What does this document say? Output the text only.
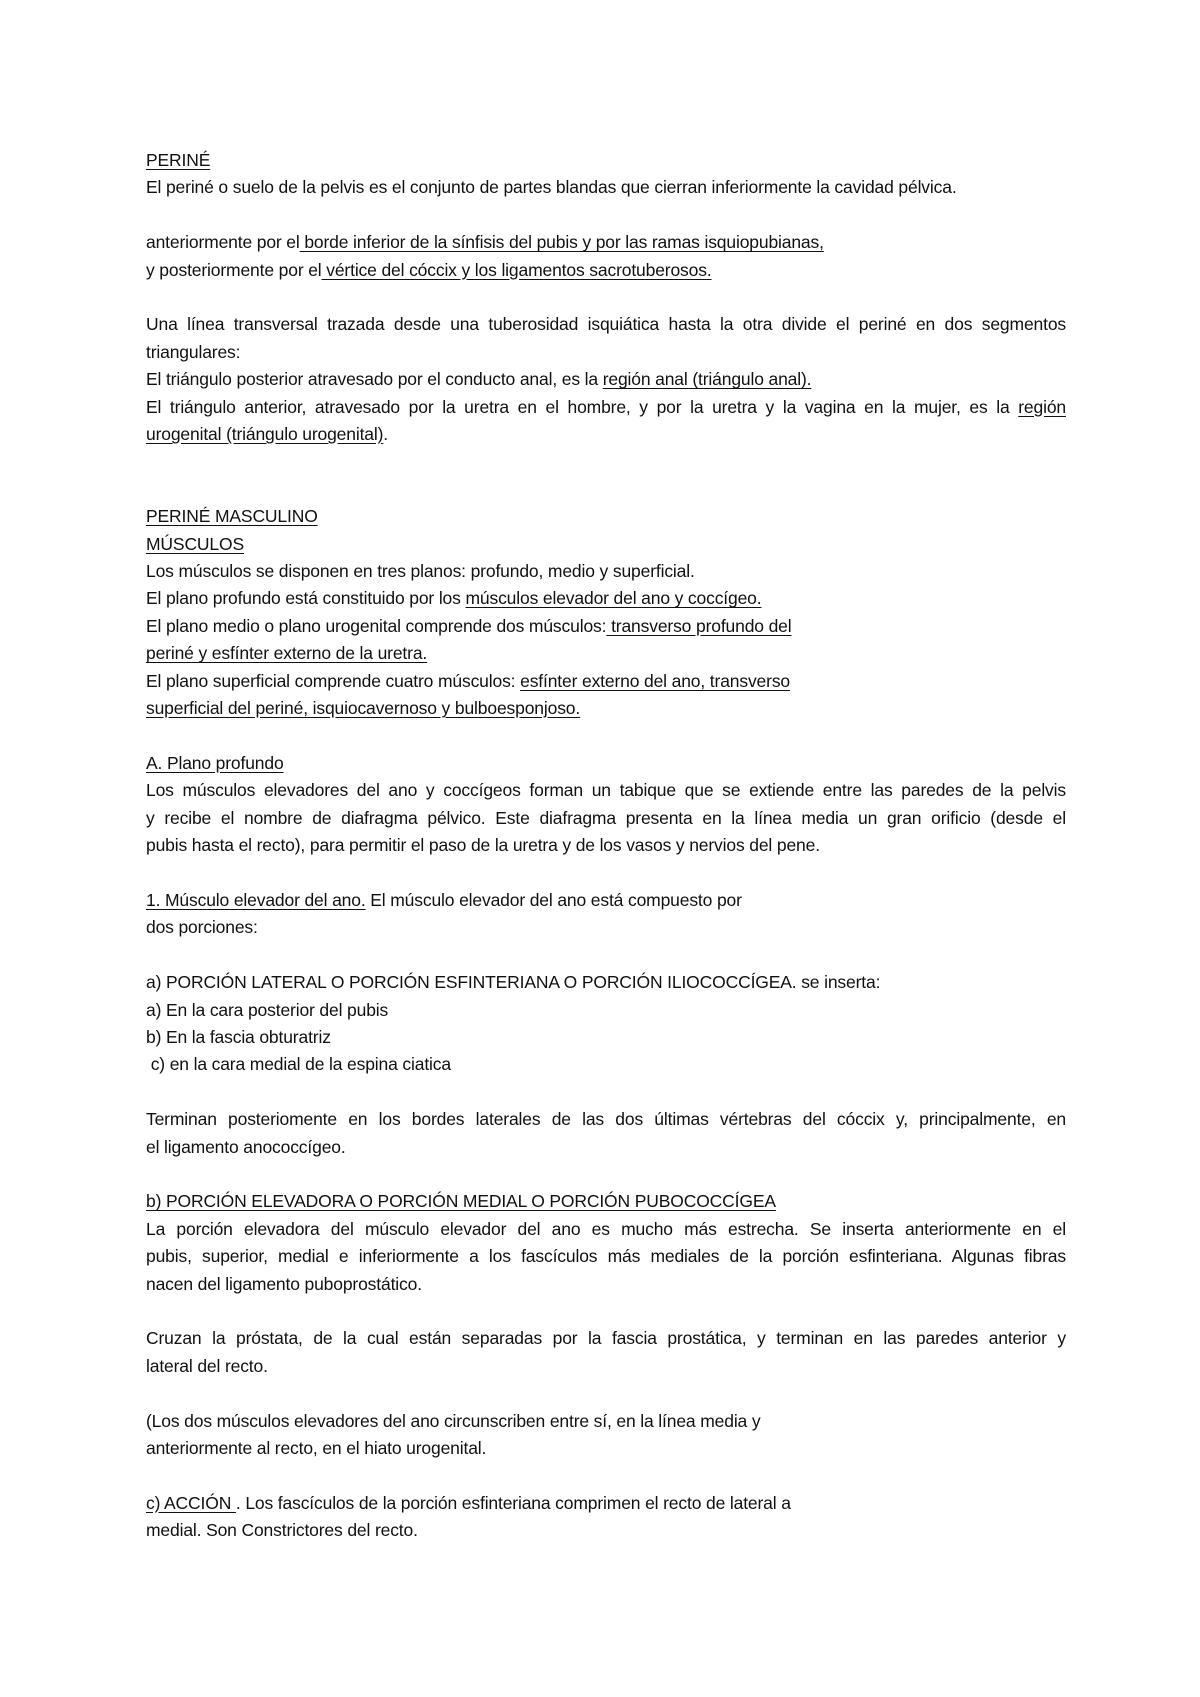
PERINÉ
El periné o suelo de la pelvis es el conjunto de partes blandas que cierran inferiormente la cavidad pélvica.
anteriormente por el borde inferior de la sínfisis del pubis y por las ramas isquiopubianas,
y posteriormente por el vértice del cóccix y los ligamentos sacrotuberosos.
Una línea transversal trazada desde una tuberosidad isquiática hasta la otra divide el periné en dos segmentos
triangulares:
El triángulo posterior atravesado por el conducto anal, es la región anal (triángulo anal).
El triángulo anterior, atravesado por la uretra en el hombre, y por la uretra y la vagina en la mujer, es la región
urogenital (triángulo urogenital).
PERINÉ MASCULINO
MÚSCULOS
Los músculos se disponen en tres planos: profundo, medio y superficial.
El plano profundo está constituido por los músculos elevador del ano y coccígeo.
El plano medio o plano urogenital comprende dos músculos: transverso profundo del
periné y esfínter externo de la uretra.
El plano superficial comprende cuatro músculos: esfínter externo del ano, transverso
superficial del periné, isquiocavernoso y bulboesponjoso.
A. Plano profundo
Los músculos elevadores del ano y coccígeos forman un tabique que se extiende entre las paredes de la pelvis
y recibe el nombre de diafragma pélvico. Este diafragma presenta en la línea media un gran orificio (desde el
pubis hasta el recto), para permitir el paso de la uretra y de los vasos y nervios del pene.
1. Músculo elevador del ano. El músculo elevador del ano está compuesto por
dos porciones:
a) PORCIÓN LATERAL O PORCIÓN ESFINTERIANA O PORCIÓN ILIOCOCCÍGEA. se inserta:
a) En la cara posterior del pubis
b) En la fascia obturatriz
c) en la cara medial de la espina ciatica
Terminan posteriomente en los bordes laterales de las dos últimas vértebras del cóccix y, principalmente, en
el ligamento anococcígeo.
b) PORCIÓN ELEVADORA O PORCIÓN MEDIAL O PORCIÓN PUBOCOCCÍGEA
La porción elevadora del músculo elevador del ano es mucho más estrecha. Se inserta anteriormente en el
pubis, superior, medial e inferiormente a los fascículos más mediales de la porción esfinteriana. Algunas fibras
nacen del ligamento puboprostático.
Cruzan la próstata, de la cual están separadas por la fascia prostática, y terminan en las paredes anterior y
lateral del recto.
(Los dos músculos elevadores del ano circunscriben entre sí, en la línea media y
anteriormente al recto, en el hiato urogenital.
c) ACCIÓN . Los fascículos de la porción esfinteriana comprimen el recto de lateral a
medial. Son Constrictores del recto.
